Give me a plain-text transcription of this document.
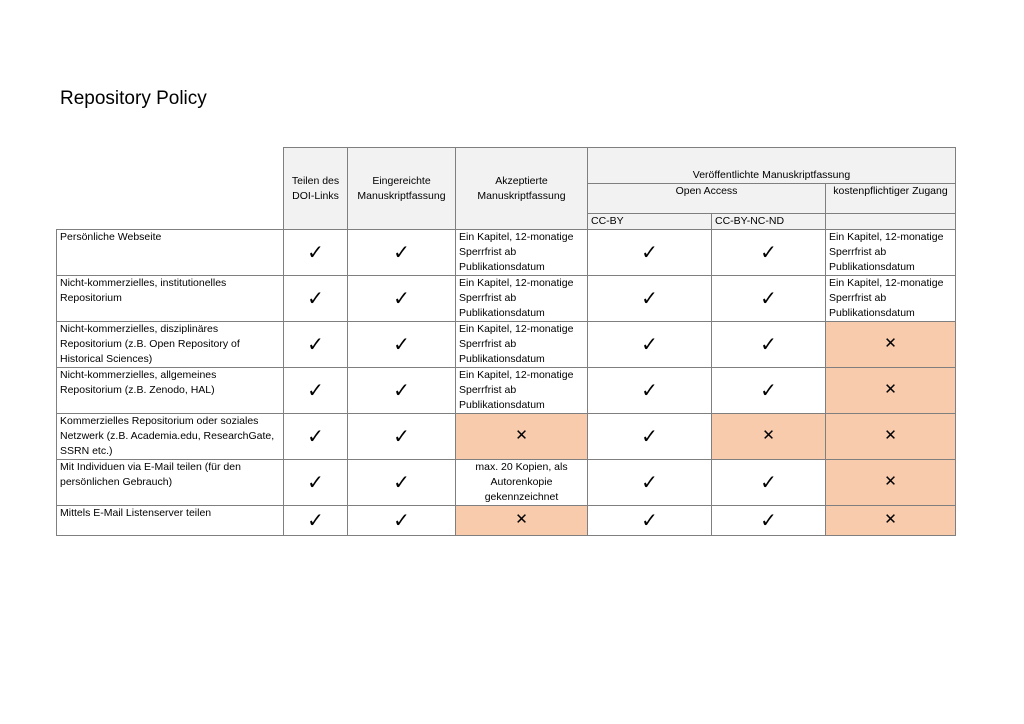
Repository Policy
	Teilen des DOI-Links	Eingereichte Manuskriptfassung	Akzeptierte Manuskriptfassung	Veröffentlichte Manuskriptfassung		
				Open Access		kostenpflichtiger Zugang
				CC-BY	CC-BY-NC-ND	
Persönliche Webseite	✓	✓	Ein Kapitel, 12-monatige Sperrfrist ab Publikationsdatum	✓	✓	Ein Kapitel, 12-monatige Sperrfrist ab Publikationsdatum
Nicht-kommerzielles, institutionelles Repositorium	✓	✓	Ein Kapitel, 12-monatige Sperrfrist ab Publikationsdatum	✓	✓	Ein Kapitel, 12-monatige Sperrfrist ab Publikationsdatum
Nicht-kommerzielles, disziplinäres Repositorium (z.B. Open Repository of Historical Sciences)	✓	✓	Ein Kapitel, 12-monatige Sperrfrist ab Publikationsdatum	✓	✓	✕
Nicht-kommerzielles, allgemeines Repositorium (z.B. Zenodo, HAL)	✓	✓	Ein Kapitel, 12-monatige Sperrfrist ab Publikationsdatum	✓	✓	✕
Kommerzielles Repositorium oder soziales Netzwerk (z.B. Academia.edu, ResearchGate, SSRN etc.)	✓	✓	✕	✓	✕	✕
Mit Individuen via E-Mail teilen (für den persönlichen Gebrauch)	✓	✓	max. 20 Kopien, als Autorenkopie gekennzeichnet	✓	✓	✕
Mittels E-Mail Listenserver teilen	✓	✓	✕	✓	✓	✕
